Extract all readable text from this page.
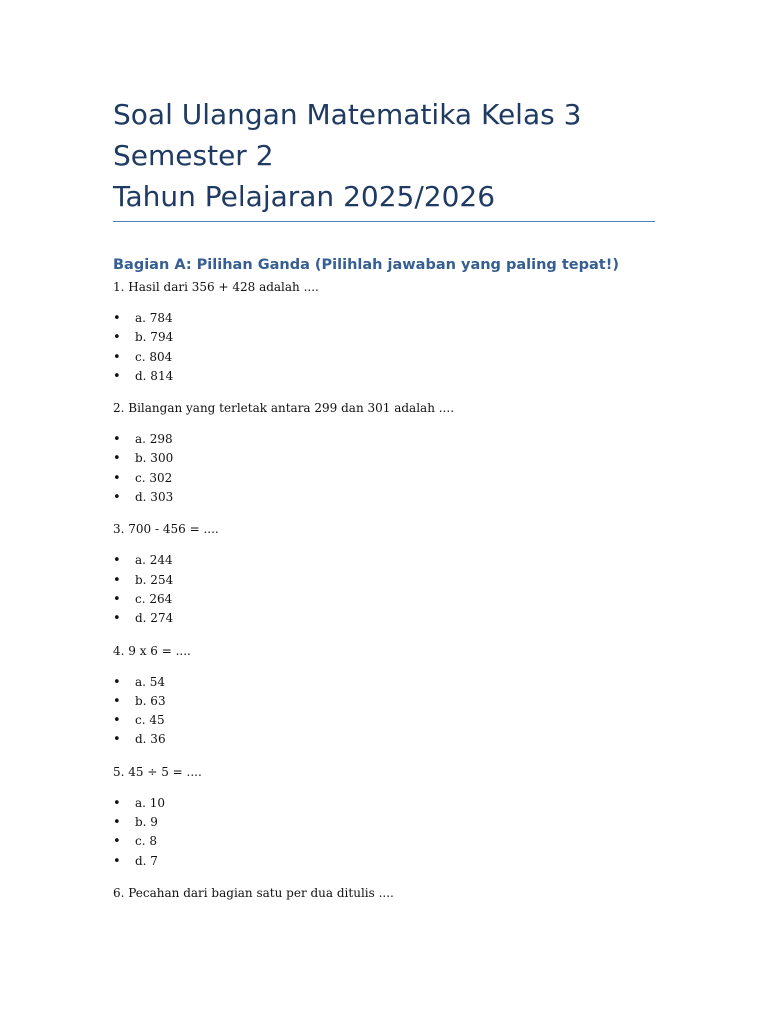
Soal Ulangan Matematika Kelas 3
Semester 2
Tahun Pelajaran 2025/2026
Bagian A: Pilihan Ganda (Pilihlah jawaban yang paling tepat!)
1. Hasil dari 356 + 428 adalah ....
• a. 784
• b. 794
• c. 804
• d. 814
2. Bilangan yang terletak antara 299 dan 301 adalah ....
• a. 298
• b. 300
• c. 302
• d. 303
3. 700 - 456 = ....
• a. 244
• b. 254
• c. 264
• d. 274
4. 9 x 6 = ....
• a. 54
• b. 63
• c. 45
• d. 36
5. 45 ÷ 5 = ....
• a. 10
• b. 9
• c. 8
• d. 7
6. Pecahan dari bagian satu per dua ditulis ....
